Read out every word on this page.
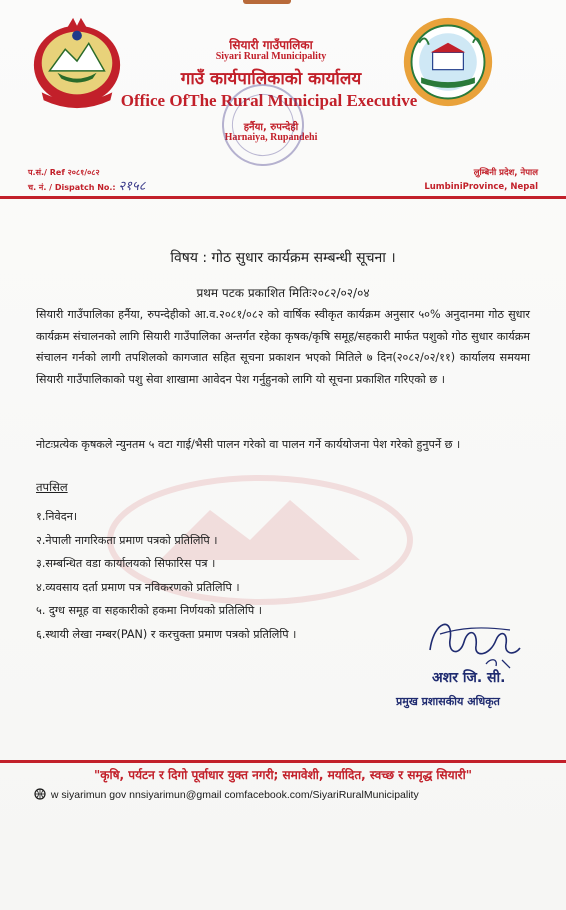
सियारी गाउँपालिका
Siyari Rural Municipality
गाउँ कार्यपालिकाको कार्यालय
Office OfThe Rural Municipal Executive
हर्नैया, रुपन्देही
Harnaiya, Rupandehi
प.सं./ Ref २०८१/०८२
च. नं. / Dispatch No.: २१५८
लुम्बिनी प्रदेश, नेपाल
LumbiniProvince, Nepal
विषय : गोठ सुधार कार्यक्रम सम्बन्धी सूचना ।
प्रथम पटक प्रकाशित मितिः२०८२/०२/०४
सियारी गाउँपालिका हर्नैया, रुपन्देहीको आ.व.२०८१/०८२ को वार्षिक स्वीकृत कार्यक्रम अनुसार ५०% अनुदानमा गोठ सुधार कार्यक्रम संचालनको लागि सियारी गाउँपालिका अन्तर्गत रहेका कृषक/कृषि समूह/सहकारी मार्फत पशुको गोठ सुधार कार्यक्रम संचालन गर्नको लागी तपशिलको कागजात सहित सूचना प्रकाशन भएको मितिले ७ दिन(२०८२/०२/११) कार्यालय समयमा सियारी गाउँपालिकाको पशु सेवा शाखामा आवेदन पेश गर्नुहुनको लागि यो सूचना प्रकाशित गरिएको छ ।
नोटःप्रत्येक कृषकले न्युनतम ५ वटा गाई/भैसी पालन गरेको वा पालन गर्ने कार्ययोजना पेश गरेको हुनुपर्ने छ ।
तपसिल
१.निवेदन।
२.नेपाली नागरिकता प्रमाण पत्रको प्रतिलिपि ।
३.सम्बन्धित वडा कार्यालयको सिफारिस पत्र ।
४.व्यवसाय दर्ता प्रमाण पत्र नविकरणको प्रतिलिपि ।
५. दुग्ध समूह वा सहकारीको हकमा निर्णयको प्रतिलिपि ।
६.स्थायी लेखा नम्बर(PAN) र करचुक्ता प्रमाण पत्रको प्रतिलिपि ।
अशर जि. सी.
प्रमुख प्रशासकीय अधिकृत
"कृषि, पर्यटन र दिगो पूर्वाधार युक्त नगरी; समावेशी, मर्यादित, स्वच्छ र समृद्ध सियारी"
w siyarimun gov nnsiyarimun@gmail comfacebook.com/SiyariRuralMunicipality
